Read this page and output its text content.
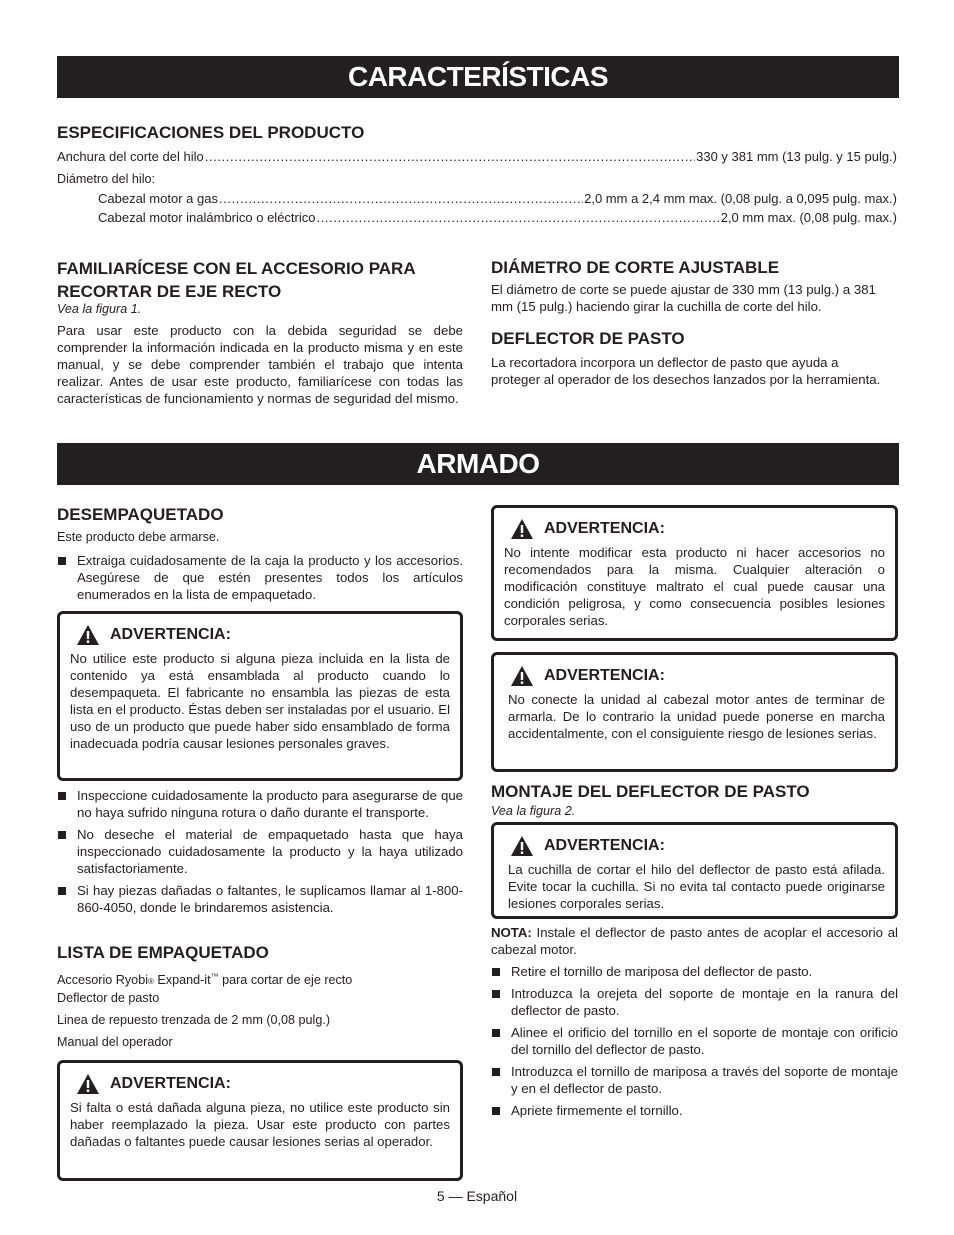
CARACTERÍSTICAS
ESPECIFICACIONES DEL PRODUCTO
Anchura del corte del hilo .....	330 y 381 mm (13 pulg. y 15 pulg.)
Diámetro del hilo:
Cabezal motor a gas .....	2,0 mm a 2,4 mm max. (0,08 pulg. a 0,095 pulg. max.)
Cabezal motor inalámbrico o eléctrico .....	2,0 mm max. (0,08 pulg. max.)
FAMILIARÍCESE CON EL ACCESORIO PARA RECORTAR DE EJE RECTO
Vea la figura 1.
Para usar este producto con la debida seguridad se debe comprender la información indicada en la producto misma y en este manual, y se debe comprender también el trabajo que intenta realizar. Antes de usar este producto, familiarícese con todas las características de funcionamiento y normas de seguridad del mismo.
DIÁMETRO DE CORTE AJUSTABLE
El diámetro de corte se puede ajustar de 330 mm (13 pulg.) a 381 mm (15 pulg.) haciendo girar la cuchilla de corte del hilo.
DEFLECTOR DE PASTO
La recortadora incorpora un deflector de pasto que ayuda a proteger al operador de los desechos lanzados por la herramienta.
ARMADO
DESEMPAQUETADO
Este producto debe armarse.
Extraiga cuidadosamente de la caja la producto y los accesorios. Asegúrese de que estén presentes todos los artículos enumerados en la lista de empaquetado.
ADVERTENCIA:
No utilice este producto si alguna pieza incluida en la lista de contenido ya está ensamblada al producto cuando lo desempaqueta. El fabricante no ensambla las piezas de esta lista en el producto. Éstas deben ser instaladas por el usuario. El uso de un producto que puede haber sido ensamblado de forma inadecuada podría causar lesiones personales graves.
Inspeccione cuidadosamente la producto para asegurarse de que no haya sufrido ninguna rotura o daño durante el transporte.
No deseche el material de empaquetado hasta que haya inspeccionado cuidadosamente la producto y la haya utilizado satisfactoriamente.
Si hay piezas dañadas o faltantes, le suplicamos llamar al 1-800-860-4050, donde le brindaremos asistencia.
LISTA DE EMPAQUETADO
Accesorio Ryobi® Expand-it™ para cortar de eje recto
Deflector de pasto
Linea de repuesto trenzada de 2 mm (0,08 pulg.)
Manual del operador
ADVERTENCIA:
Si falta o está dañada alguna pieza, no utilice este producto sin haber reemplazado la pieza. Usar este producto con partes dañadas o faltantes puede causar lesiones serias al operador.
ADVERTENCIA:
No intente modificar esta producto ni hacer accesorios no recomendados para la misma. Cualquier alteración o modificación constituye maltrato el cual puede causar una condición peligrosa, y como consecuencia posibles lesiones corporales serias.
ADVERTENCIA:
No conecte la unidad al cabezal motor antes de terminar de armarla. De lo contrario la unidad puede ponerse en marcha accidentalmente, con el consiguiente riesgo de lesiones serias.
MONTAJE DEL DEFLECTOR DE PASTO
Vea la figura 2.
ADVERTENCIA:
La cuchilla de cortar el hilo del deflector de pasto está afilada. Evite tocar la cuchilla. Si no evita tal contacto puede originarse lesiones corporales serias.
NOTA: Instale el deflector de pasto antes de acoplar el accesorio al cabezal motor.
Retire el tornillo de mariposa del deflector de pasto.
Introduzca la orejeta del soporte de montaje en la ranura del deflector de pasto.
Alinee el orificio del tornillo en el soporte de montaje con orificio del tornillo del deflector de pasto.
Introduzca el tornillo de mariposa a través del soporte de montaje y en el deflector de pasto.
Apriete firmemente el tornillo.
5 — Español
